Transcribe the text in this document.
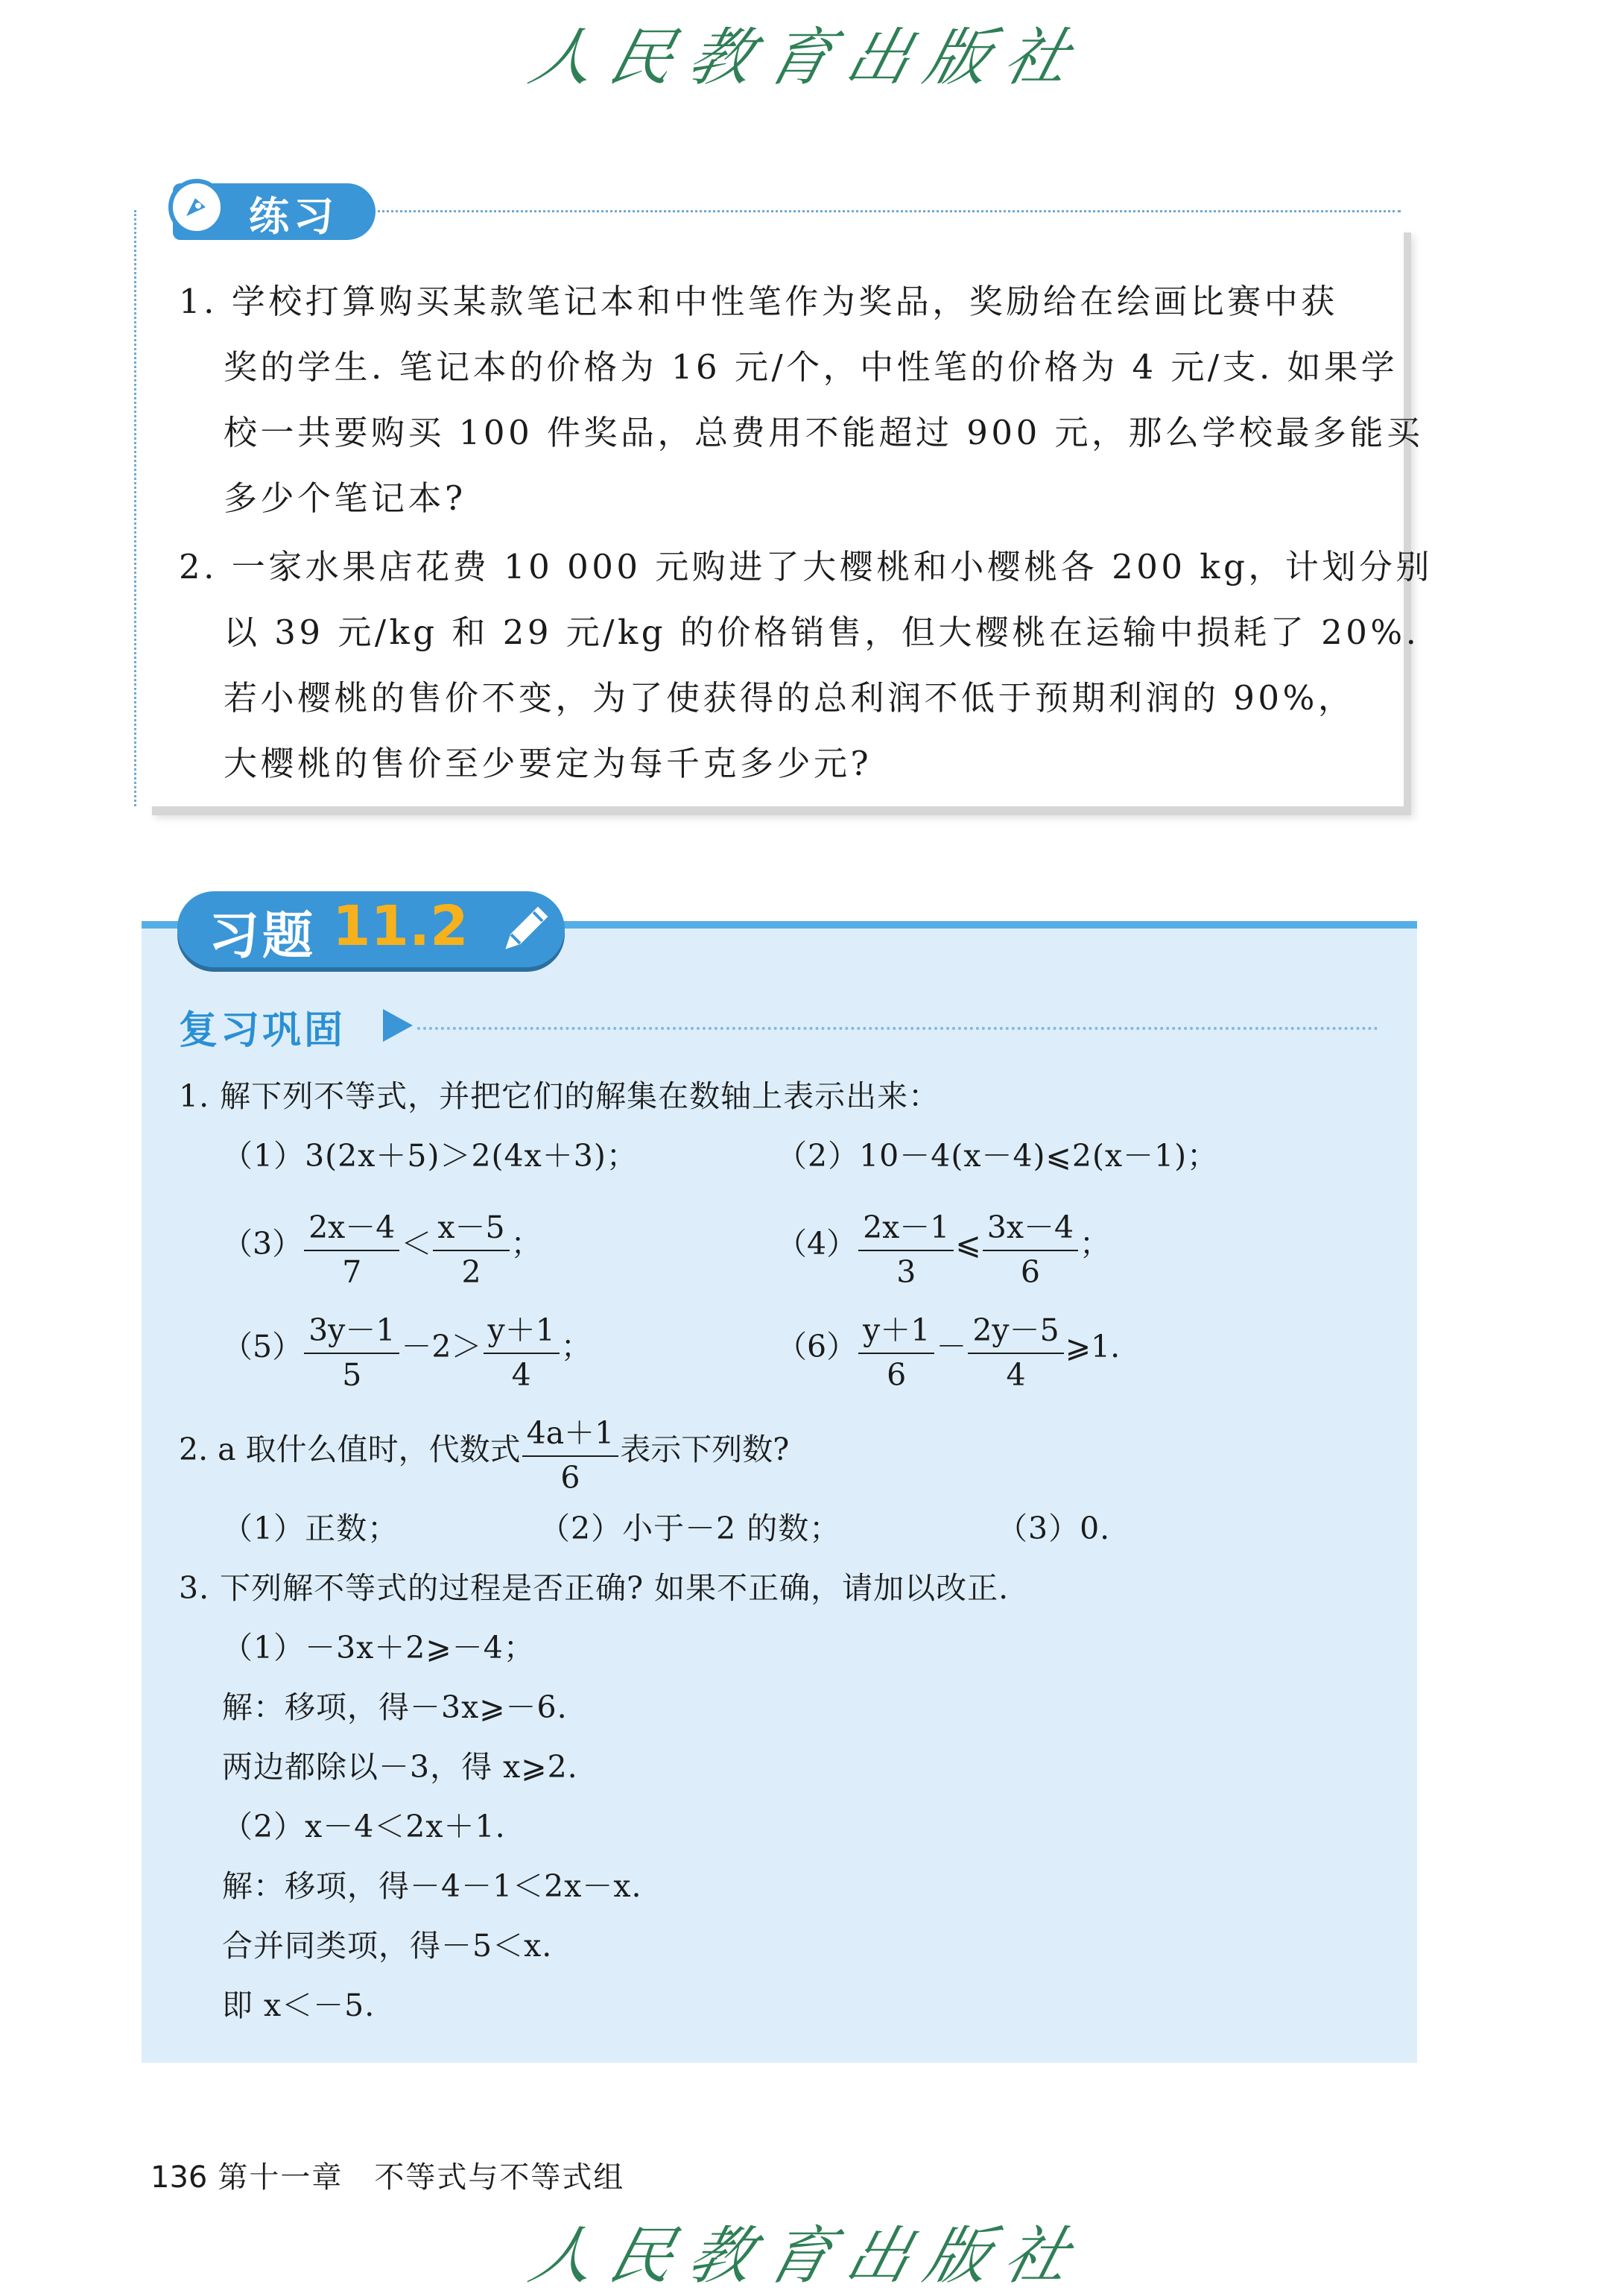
人民教育出版社
练习
1. 学校打算购买某款笔记本和中性笔作为奖品，奖励给在绘画比赛中获
奖的学生. 笔记本的价格为 16 元/个，中性笔的价格为 4 元/支. 如果学
校一共要购买 100 件奖品，总费用不能超过 900 元，那么学校最多能买
多少个笔记本?
2. 一家水果店花费 10 000 元购进了大樱桃和小樱桃各 200 kg，计划分别
以 39 元/kg 和 29 元/kg 的价格销售，但大樱桃在运输中损耗了 20%.
若小樱桃的售价不变，为了使获得的总利润不低于预期利润的 90%，
大樱桃的售价至少要定为每千克多少元?
习题 11.2
复习巩固
1. 解下列不等式，并把它们的解集在数轴上表示出来：
（1）3(2x＋5)＞2(4x＋3)；	（2）10－4(x－4)⩽2(x－1)；
$(3) \frac{2x-4}{7} < \frac{x-5}{2}$ ；	$(4) \frac{2x-1}{3}$ ⩽ $\frac{3x-4}{6}$ ；
$(5) \frac{3y-1}{5} -2> \frac{y+1}{4}$ ；	$(6) \frac{y+1}{6} - \frac{2y-5}{4}$ ⩾1.
2. a 取什么值时，代数式 $\frac{4a+1}{6}$ 表示下列数?
（1）正数；	（2）小于－2 的数；	（3）0.
3. 下列解不等式的过程是否正确? 如果不正确，请加以改正.
（1）－3x＋2⩾－4；
解：移项，得－3x⩾－6.
两边都除以－3，得 x⩾2.
（2）x－4＜2x＋1.
解：移项，得－4－1＜2x－x.
合并同类项，得－5＜x.
即 x＜－5.
136 第十一章　不等式与不等式组
人民教育出版社
